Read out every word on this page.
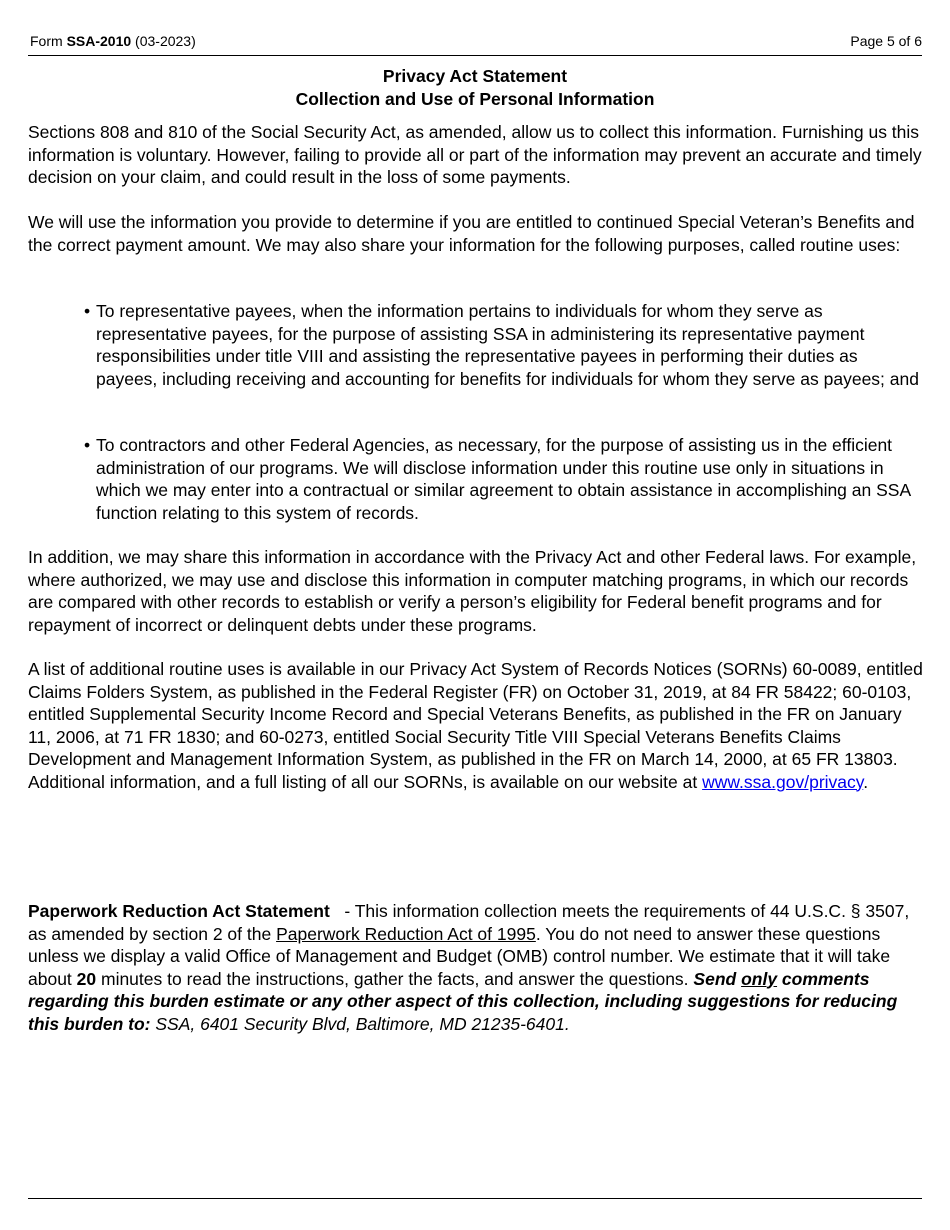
Form SSA-2010 (03-2023)	Page 5 of 6
Privacy Act Statement
Collection and Use of Personal Information

Sections 808 and 810 of the Social Security Act, as amended, allow us to collect this information. Furnishing us this information is voluntary. However, failing to provide all or part of the information may prevent an accurate and timely decision on your claim, and could result in the loss of some payments.

We will use the information you provide to determine if you are entitled to continued Special Veteran’s Benefits and the correct payment amount. We may also share your information for the following purposes, called routine uses:

• To representative payees, when the information pertains to individuals for whom they serve as representative payees, for the purpose of assisting SSA in administering its representative payment responsibilities under title VIII and assisting the representative payees in performing their duties as payees, including receiving and accounting for benefits for individuals for whom they serve as payees; and
• To contractors and other Federal Agencies, as necessary, for the purpose of assisting us in the efficient administration of our programs. We will disclose information under this routine use only in situations in which we may enter into a contractual or similar agreement to obtain assistance in accomplishing an SSA function relating to this system of records.

In addition, we may share this information in accordance with the Privacy Act and other Federal laws. For example, where authorized, we may use and disclose this information in computer matching programs, in which our records are compared with other records to establish or verify a person’s eligibility for Federal benefit programs and for repayment of incorrect or delinquent debts under these programs.

A list of additional routine uses is available in our Privacy Act System of Records Notices (SORNs) 60-0089, entitled Claims Folders System, as published in the Federal Register (FR) on October 31, 2019, at 84 FR 58422; 60-0103, entitled Supplemental Security Income Record and Special Veterans Benefits, as published in the FR on January 11, 2006, at 71 FR 1830; and 60-0273, entitled Social Security Title VIII Special Veterans Benefits Claims Development and Management Information System, as published in the FR on March 14, 2000, at 65 FR 13803. Additional information, and a full listing of all our SORNs, is available on our website at www.ssa.gov/privacy.

Paperwork Reduction Act Statement   - This information collection meets the requirements of 44 U.S.C. § 3507, as amended by section 2 of the Paperwork Reduction Act of 1995. You do not need to answer these questions unless we display a valid Office of Management and Budget (OMB) control number. We estimate that it will take about 20 minutes to read the instructions, gather the facts, and answer the questions. Send only comments regarding this burden estimate or any other aspect of this collection, including suggestions for reducing this burden to: SSA, 6401 Security Blvd, Baltimore, MD 21235-6401.
